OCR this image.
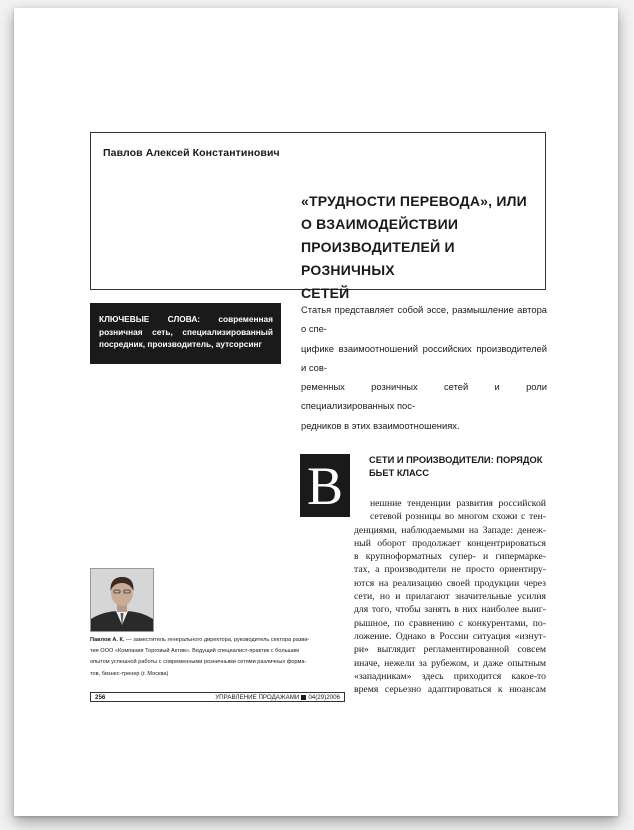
Павлов Алексей Константинович
«ТРУДНОСТИ ПЕРЕВОДА», ИЛИ
О ВЗАИМОДЕЙСТВИИ
ПРОИЗВОДИТЕЛЕЙ И РОЗНИЧНЫХ
СЕТЕЙ
КЛЮЧЕВЫЕ СЛОВА: современная розничная сеть, специализированный посредник, производитель, аутсорсинг
Статья представляет собой эссе, размышление автора о спе-
цифике взаимоотношений российских производителей и сов-
ременных розничных сетей и роли специализированных пос-
редников в этих взаимоотношениях.
В	СЕТИ И ПРОИЗВОДИТЕЛИ: ПОРЯДОК
БЬЕТ КЛАСС
нешние тенденции развития российской
сетевой розницы во многом схожи с тен-
денциями, наблюдаемыми на Западе: денеж-
ный оборот продолжает концентрироваться
в крупноформатных супер- и гипермарке-
тах, а производители не просто ориентиру-
ются на реализацию своей продукции через
сети, но и прилагают значительные усилия
для того, чтобы занять в них наиболее выиг-
рышное, по сравнению с конкурентами, по-
ложение. Однако в России ситуация «изнут-
ри» выглядит регламентированной совсем
иначе, нежели за рубежом, и даже опытным
«западникам» здесь приходится какое-то
время серьезно адаптироваться к нюансам
Павлов А. К. — заместитель генерального директора, руководитель сектора разви-
тия ООО «Компания Торговый Актив». Ведущий специалист-практик с большим
опытом успешной работы с современными розничными сетями различных форма-
тов, бизнес-тренер (г. Москва)
256	УПРАВЛЕНИЕ ПРОДАЖАМИ 04(29)2006
